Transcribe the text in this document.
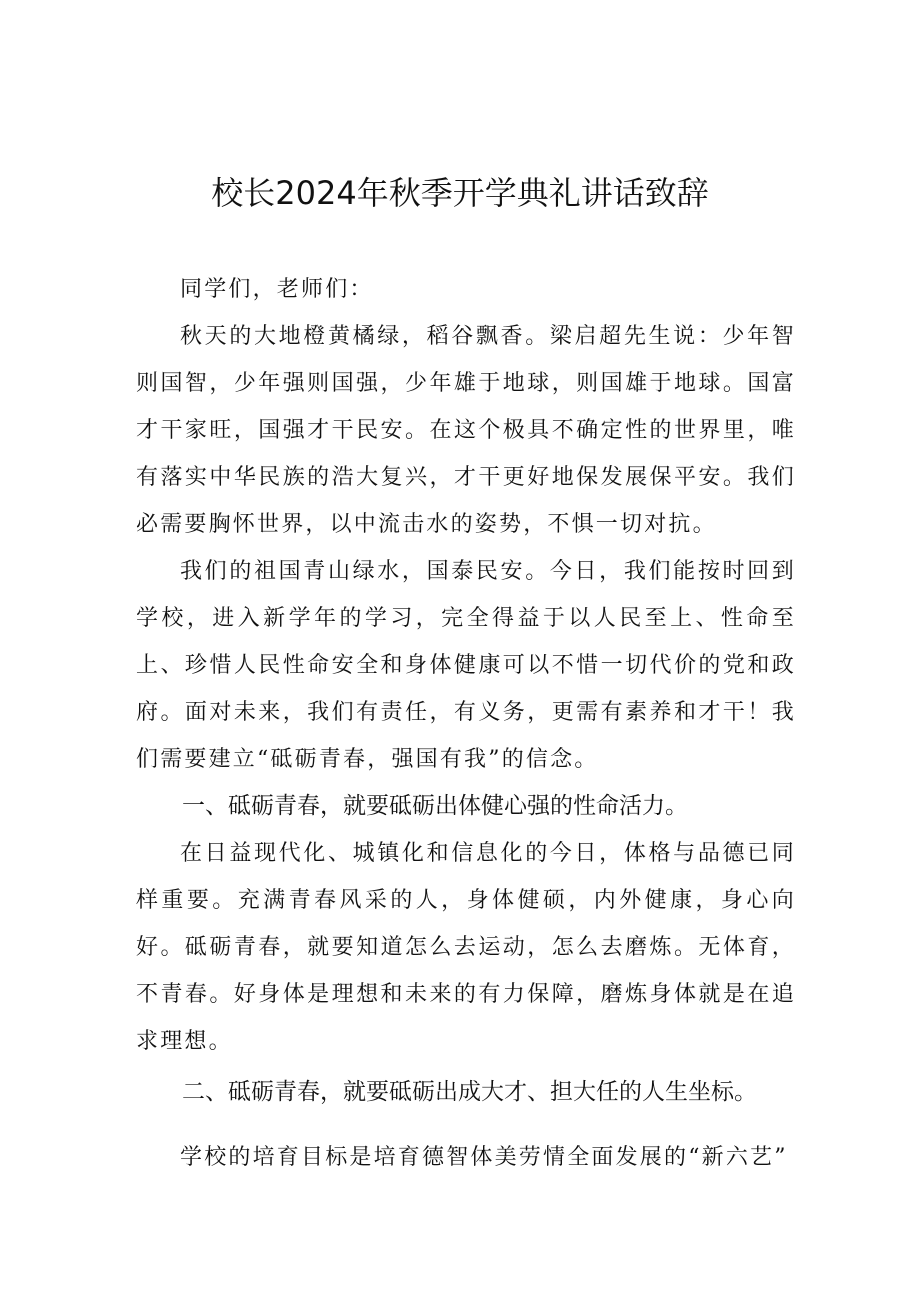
校长2024年秋季开学典礼讲话致辞

同学们，老师们：

秋天的大地橙黄橘绿，稻谷飘香。梁启超先生说：少年智则国智，少年强则国强，少年雄于地球，则国雄于地球。国富才干家旺，国强才干民安。在这个极具不确定性的世界里，唯有落实中华民族的浩大复兴，才干更好地保发展保平安。我们必需要胸怀世界，以中流击水的姿势，不惧一切对抗。

我们的祖国青山绿水，国泰民安。今日，我们能按时回到学校，进入新学年的学习，完全得益于以人民至上、性命至上、珍惜人民性命安全和身体健康可以不惜一切代价的党和政府。面对未来，我们有责任，有义务，更需有素养和才干！我们需要建立“砥砺青春，强国有我”的信念。

一、砥砺青春，就要砥砺出体健心强的性命活力。

在日益现代化、城镇化和信息化的今日，体格与品德已同样重要。充满青春风采的人，身体健硕，内外健康，身心向好。砥砺青春，就要知道怎么去运动，怎么去磨炼。无体育，不青春。好身体是理想和未来的有力保障，磨炼身体就是在追求理想。

二、砥砺青春，就要砥砺出成大才、担大任的人生坐标。

学校的培育目标是培育德智体美劳情全面发展的“新六艺”
